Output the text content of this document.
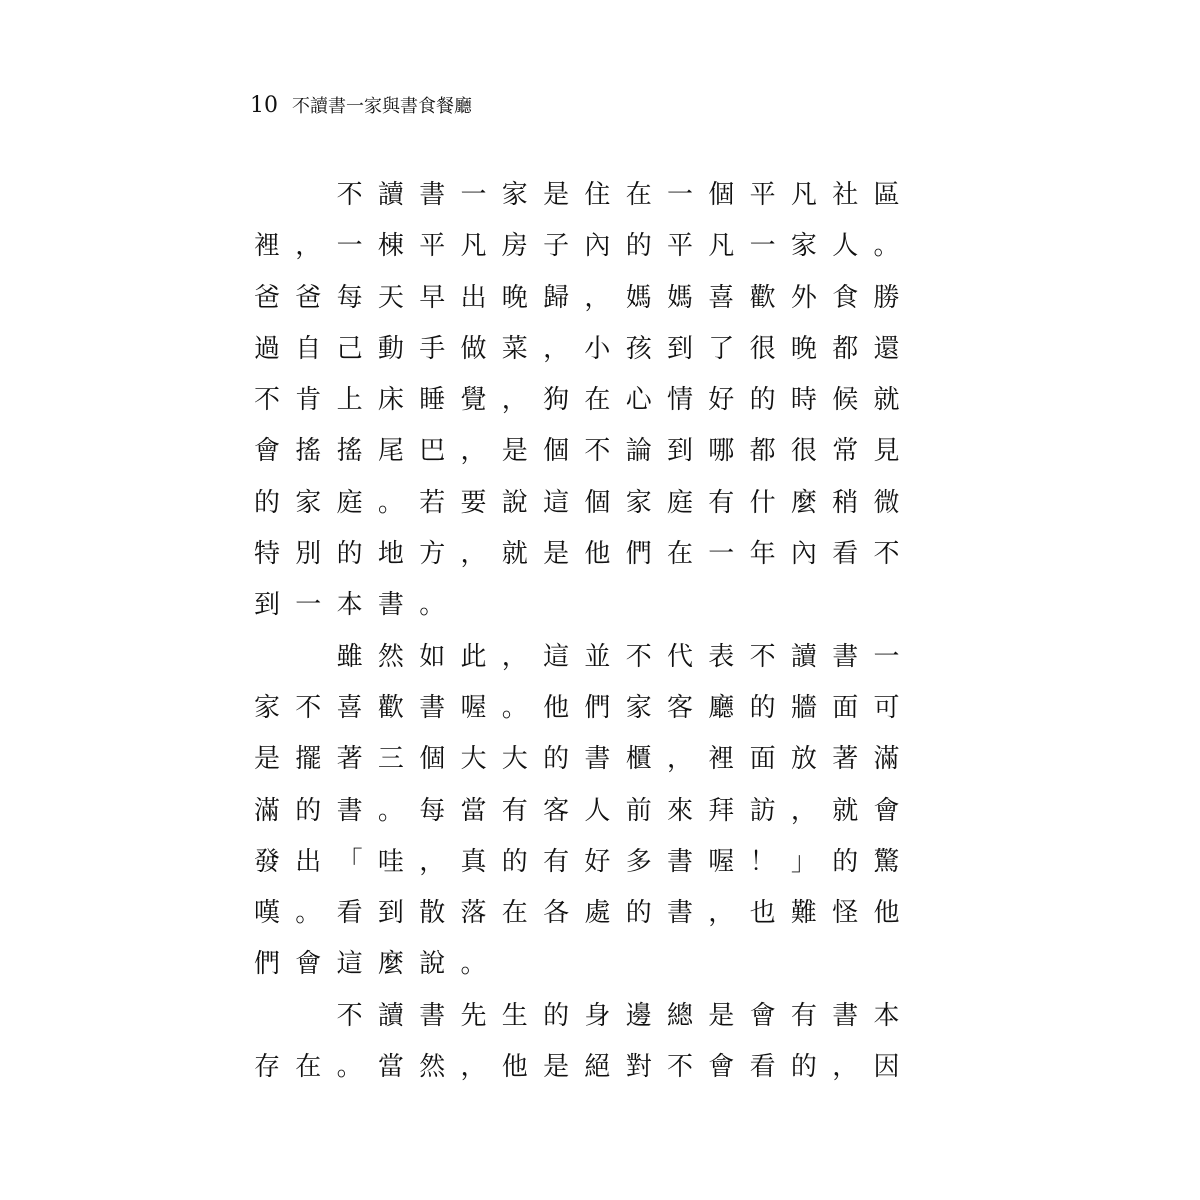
10 不讀書一家與書食餐廳
　　不讀書一家是住在一個平凡社區
裡，一棟平凡房子內的平凡一家人。
爸爸每天早出晚歸，媽媽喜歡外食勝
過自己動手做菜，小孩到了很晚都還
不肯上床睡覺，狗在心情好的時候就
會搖搖尾巴，是個不論到哪都很常見
的家庭。若要說這個家庭有什麼稍微
特別的地方，就是他們在一年內看不
到一本書。
　　雖然如此，這並不代表不讀書一
家不喜歡書喔。他們家客廳的牆面可
是擺著三個大大的書櫃，裡面放著滿
滿的書。每當有客人前來拜訪，就會
發出「哇，真的有好多書喔！」的驚
嘆。看到散落在各處的書，也難怪他
們會這麼說。
　　不讀書先生的身邊總是會有書本
存在。當然，他是絕對不會看的，因
